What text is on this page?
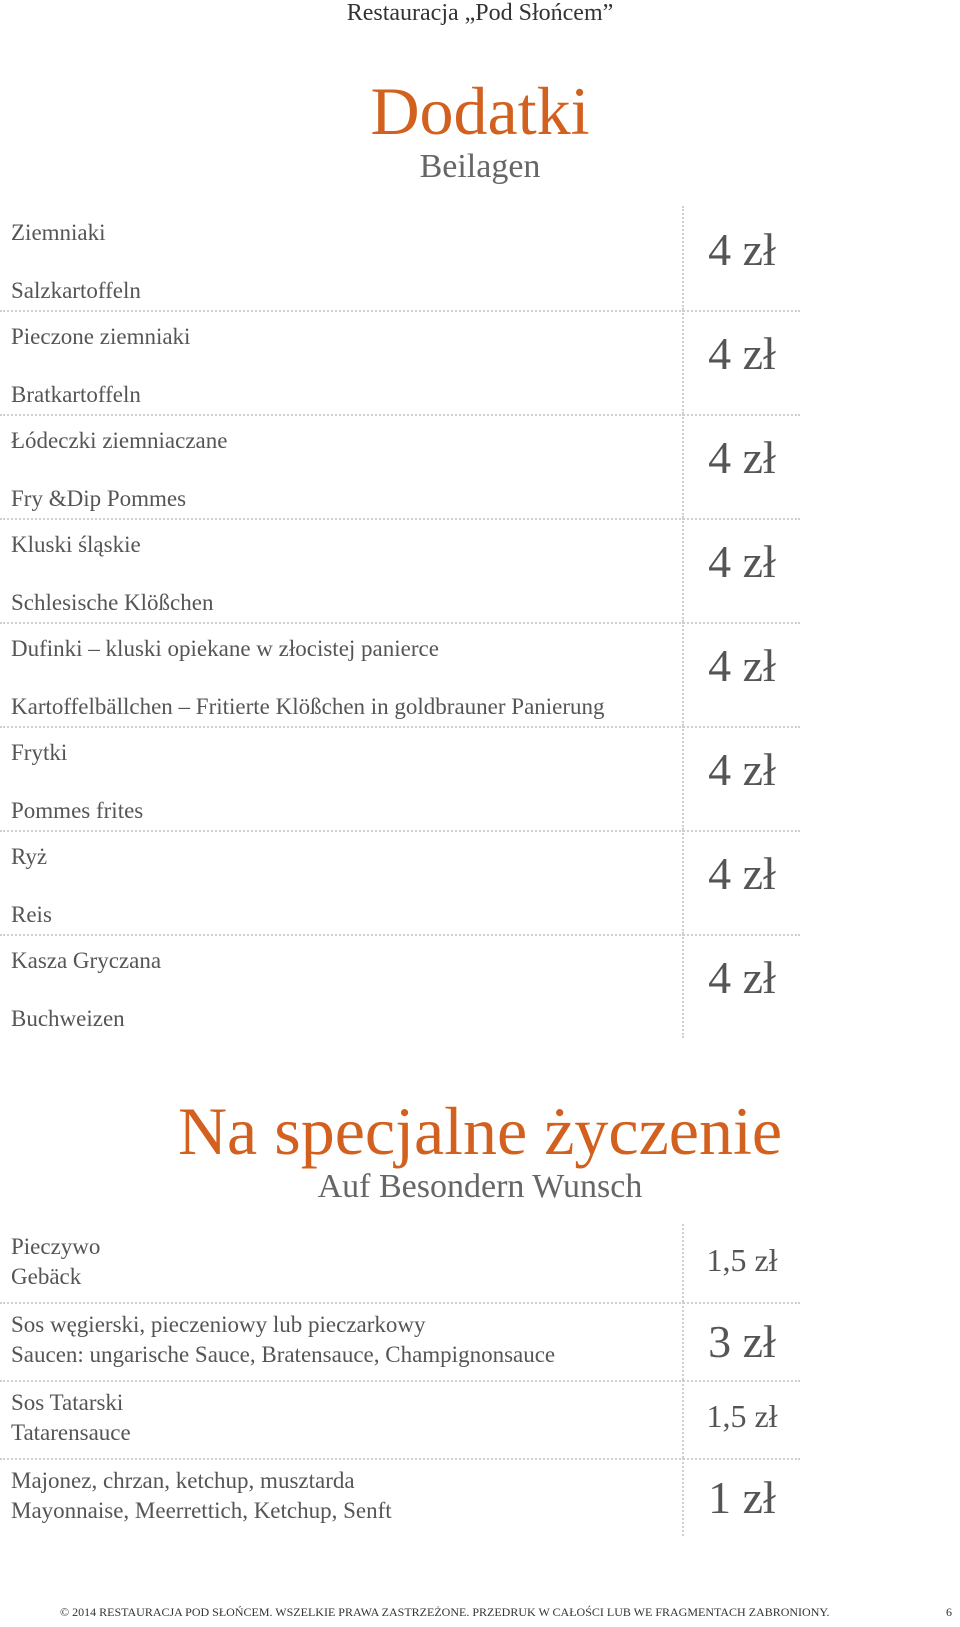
Restauracja „Pod Słońcem”
Dodatki
Beilagen
Ziemniaki
Salzkartoffeln
4 zł
Pieczone ziemniaki
Bratkartoffeln
4 zł
Łódeczki ziemniaczane
Fry &Dip Pommes
4 zł
Kluski śląskie
Schlesische Klößchen
4 zł
Dufinki – kluski opiekane w złocistej panierce
Kartoffelbällchen – Fritierte Klößchen in goldbrauner Panierung
4 zł
Frytki
Pommes frites
4 zł
Ryż
Reis
4 zł
Kasza Gryczana
Buchweizen
4 zł
Na specjalne życzenie
Auf Besondern Wunsch
Pieczywo
Gebäck	1,5 zł
Sos węgierski, pieczeniowy lub pieczarkowy
Saucen: ungarische Sauce, Bratensauce, Champignonsauce	3 zł
Sos Tatarski
Tatarensauce	1,5 zł
Majonez, chrzan, ketchup, musztarda
Mayonnaise, Meerrettich, Ketchup, Senft	1 zł
© 2014 RESTAURACJA POD SŁOŃCEM. WSZELKIE PRAWA ZASTRZEŻONE. PRZEDRUK W CAŁOŚCI LUB WE FRAGMENTACH ZABRONIONY.	6
